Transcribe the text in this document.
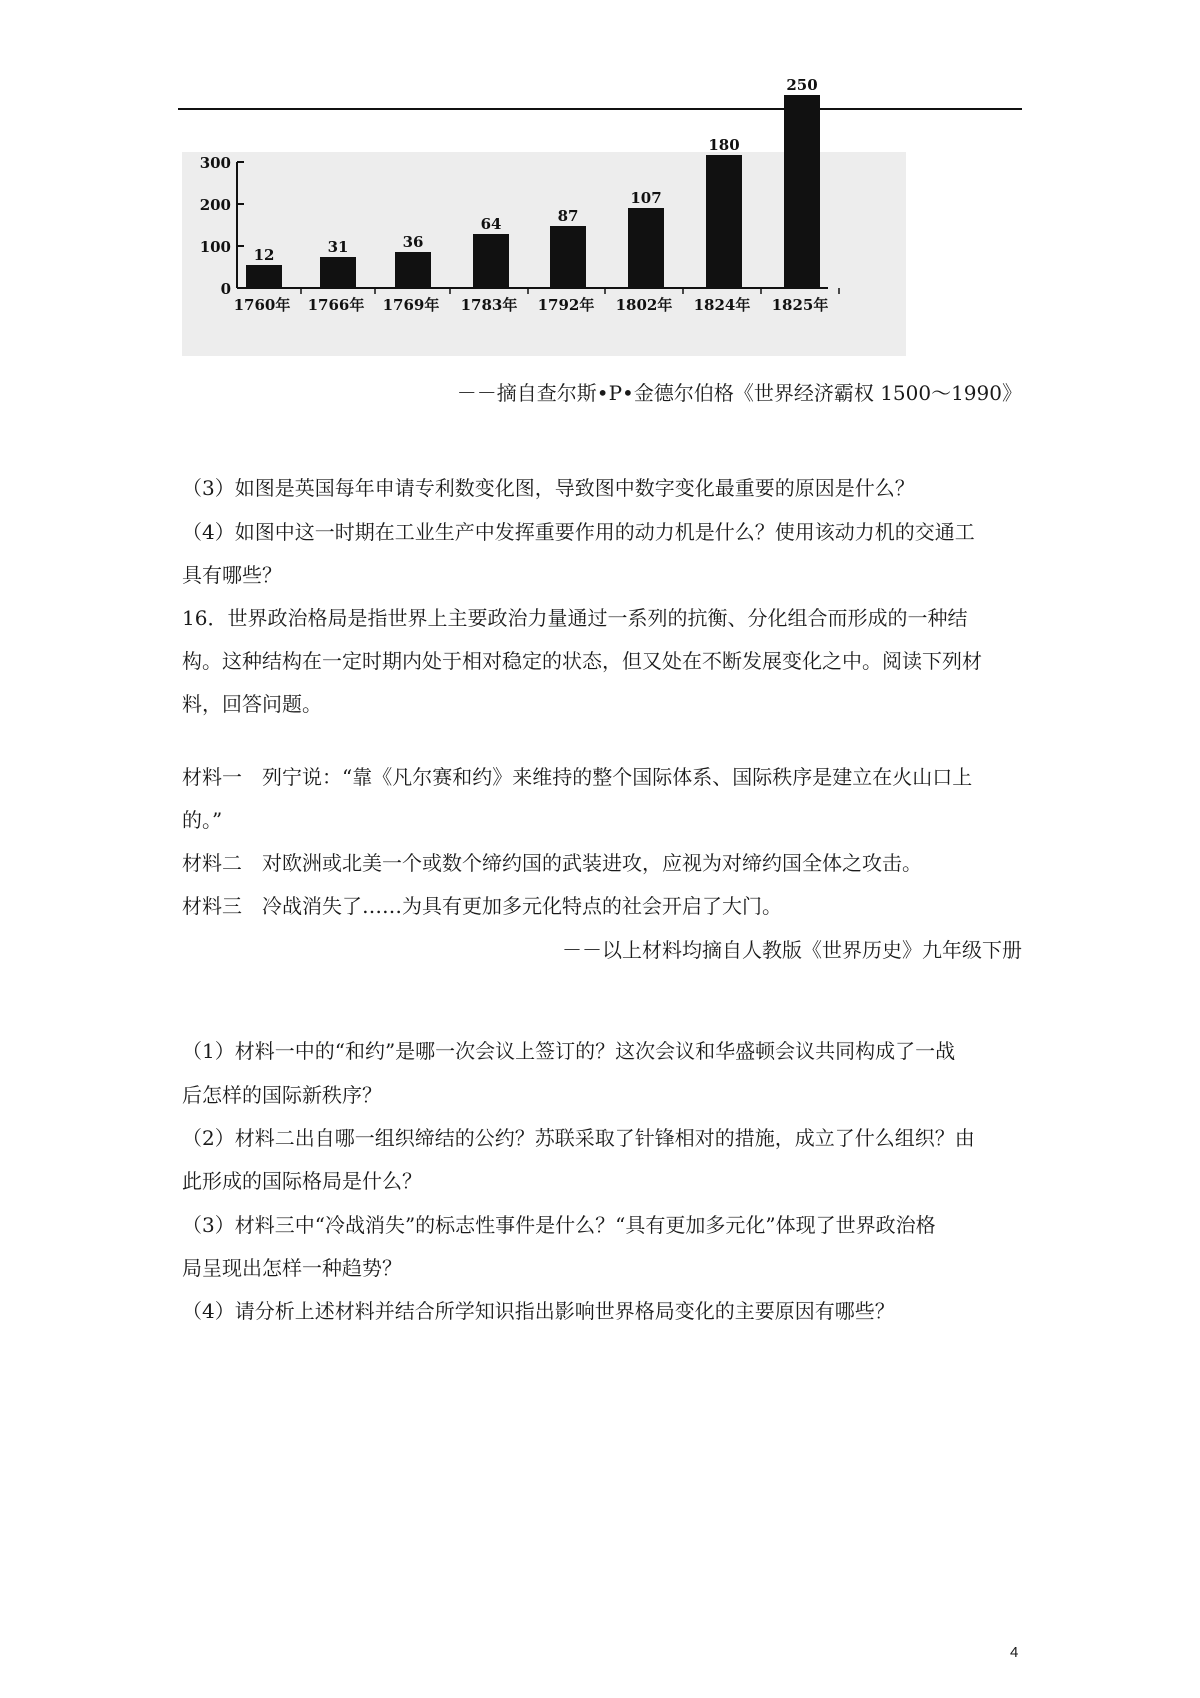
300
200
100
0
12
1760年
31
1766年
36
1769年
64
1783年
87
1792年
107
1802年
180
1824年
250
1825年
－－摘自查尔斯•P•金德尔伯格《世界经济霸权 1500～1990》
（3）如图是英国每年申请专利数变化图，导致图中数字变化最重要的原因是什么？
（4）如图中这一时期在工业生产中发挥重要作用的动力机是什么？使用该动力机的交通工
具有哪些？
16．世界政治格局是指世界上主要政治力量通过一系列的抗衡、分化组合而形成的一种结
构。这种结构在一定时期内处于相对稳定的状态，但又处在不断发展变化之中。阅读下列材
料，回答问题。
材料一　列宁说：“靠《凡尔赛和约》来维持的整个国际体系、国际秩序是建立在火山口上
的。”
材料二　对欧洲或北美一个或数个缔约国的武装进攻，应视为对缔约国全体之攻击。
材料三　冷战消失了……为具有更加多元化特点的社会开启了大门。
－－以上材料均摘自人教版《世界历史》九年级下册
（1）材料一中的“和约”是哪一次会议上签订的？这次会议和华盛顿会议共同构成了一战
后怎样的国际新秩序？
（2）材料二出自哪一组织缔结的公约？苏联采取了针锋相对的措施，成立了什么组织？由
此形成的国际格局是什么？
（3）材料三中“冷战消失”的标志性事件是什么？“具有更加多元化”体现了世界政治格
局呈现出怎样一种趋势？
（4）请分析上述材料并结合所学知识指出影响世界格局变化的主要原因有哪些？
4
